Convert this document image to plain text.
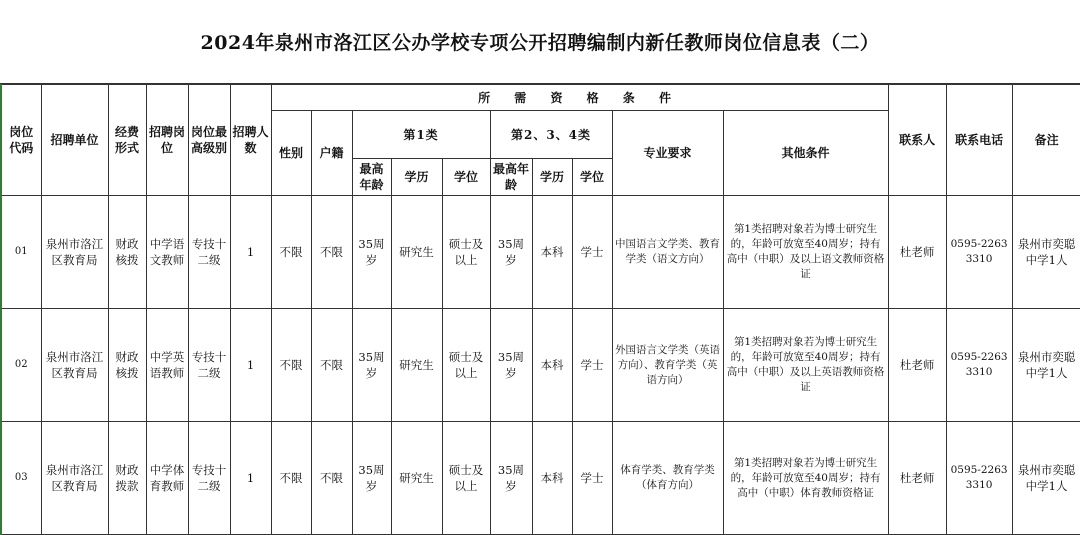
2024年泉州市洛江区公办学校专项公开招聘编制内新任教师岗位信息表（二）
岗位代码	招聘单位	经费形式	招聘岗位	岗位最高级别	招聘人数	所 需 资 格 条 件										联系人	联系电话	备注
						性别	户籍	第1类			第2、3、4类			专业要求	其他条件			
								最高年龄	学历	学位	最高年龄	学历	学位					
01	泉州市洛江区教育局	财政核拨	中学语文教师	专技十二级	1	不限	不限	35周岁	研究生	硕士及以上	35周岁	本科	学士	中国语言文学类、教育学类（语文方向）	第1类招聘对象若为博士研究生的，年龄可放宽至40周岁；持有高中（中职）及以上语文教师资格证	杜老师	0595-22633310	泉州市奕聪中学1人
02	泉州市洛江区教育局	财政核拨	中学英语教师	专技十二级	1	不限	不限	35周岁	研究生	硕士及以上	35周岁	本科	学士	外国语言文学类（英语方向）、教育学类（英语方向）	第1类招聘对象若为博士研究生的，年龄可放宽至40周岁；持有高中（中职）及以上英语教师资格证	杜老师	0595-22633310	泉州市奕聪中学1人
03	泉州市洛江区教育局	财政拨款	中学体育教师	专技十二级	1	不限	不限	35周岁	研究生	硕士及以上	35周岁	本科	学士	体育学类、教育学类（体育方向）	第1类招聘对象若为博士研究生的，年龄可放宽至40周岁；持有高中（中职）体育教师资格证	杜老师	0595-22633310	泉州市奕聪中学1人
